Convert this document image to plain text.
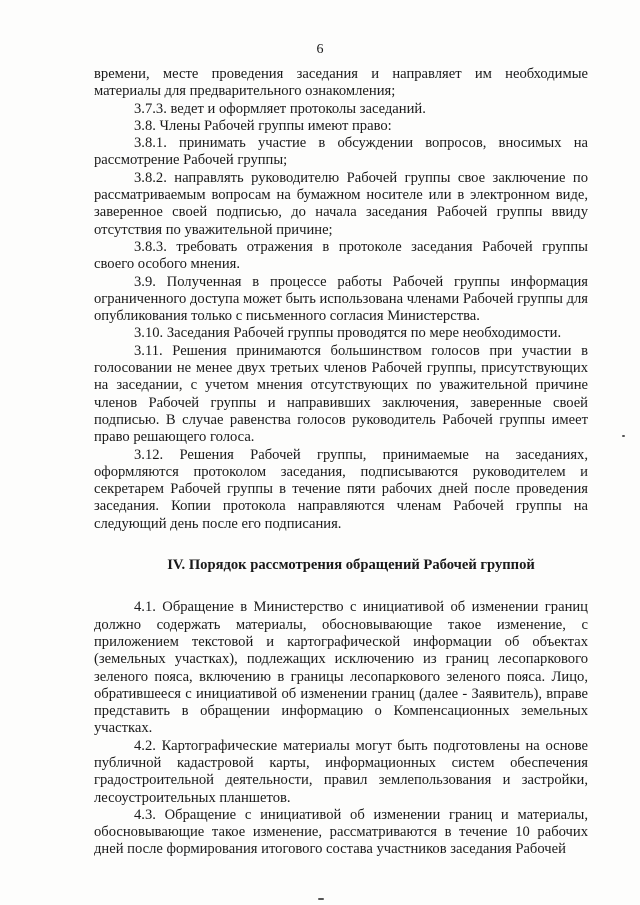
6

времени, месте проведения заседания и направляет им необходимые материалы для предварительного ознакомления;

3.7.3. ведет и оформляет протоколы заседаний.

3.8. Члены Рабочей группы имеют право:

3.8.1. принимать участие в обсуждении вопросов, вносимых на рассмотрение Рабочей группы;

3.8.2. направлять руководителю Рабочей группы свое заключение по рассматриваемым вопросам на бумажном носителе или в электронном виде, заверенное своей подписью, до начала заседания Рабочей группы ввиду отсутствия по уважительной причине;

3.8.3. требовать отражения в протоколе заседания Рабочей группы своего особого мнения.

3.9. Полученная в процессе работы Рабочей группы информация ограниченного доступа может быть использована членами Рабочей группы для опубликования только с письменного согласия Министерства.

3.10. Заседания Рабочей группы проводятся по мере необходимости.

3.11. Решения принимаются большинством голосов при участии в голосовании не менее двух третьих членов Рабочей группы, присутствующих на заседании, с учетом мнения отсутствующих по уважительной причине членов Рабочей группы и направивших заключения, заверенные своей подписью. В случае равенства голосов руководитель Рабочей группы имеет право решающего голоса.

3.12. Решения Рабочей группы, принимаемые на заседаниях, оформляются протоколом заседания, подписываются руководителем и секретарем Рабочей группы в течение пяти рабочих дней после проведения заседания. Копии протокола направляются членам Рабочей группы на следующий день после его подписания.

IV. Порядок рассмотрения обращений Рабочей группой

4.1. Обращение в Министерство с инициативой об изменении границ должно содержать материалы, обосновывающие такое изменение, с приложением текстовой и картографической информации об объектах (земельных участках), подлежащих исключению из границ лесопаркового зеленого пояса, включению в границы лесопаркового зеленого пояса. Лицо, обратившееся с инициативой об изменении границ (далее - Заявитель), вправе представить в обращении информацию о Компенсационных земельных участках.

4.2. Картографические материалы могут быть подготовлены на основе публичной кадастровой карты, информационных систем обеспечения градостроительной деятельности, правил землепользования и застройки, лесоустроительных планшетов.

4.3. Обращение с инициативой об изменении границ и материалы, обосновывающие такое изменение, рассматриваются в течение 10 рабочих дней после формирования итогового состава участников заседания Рабочей
